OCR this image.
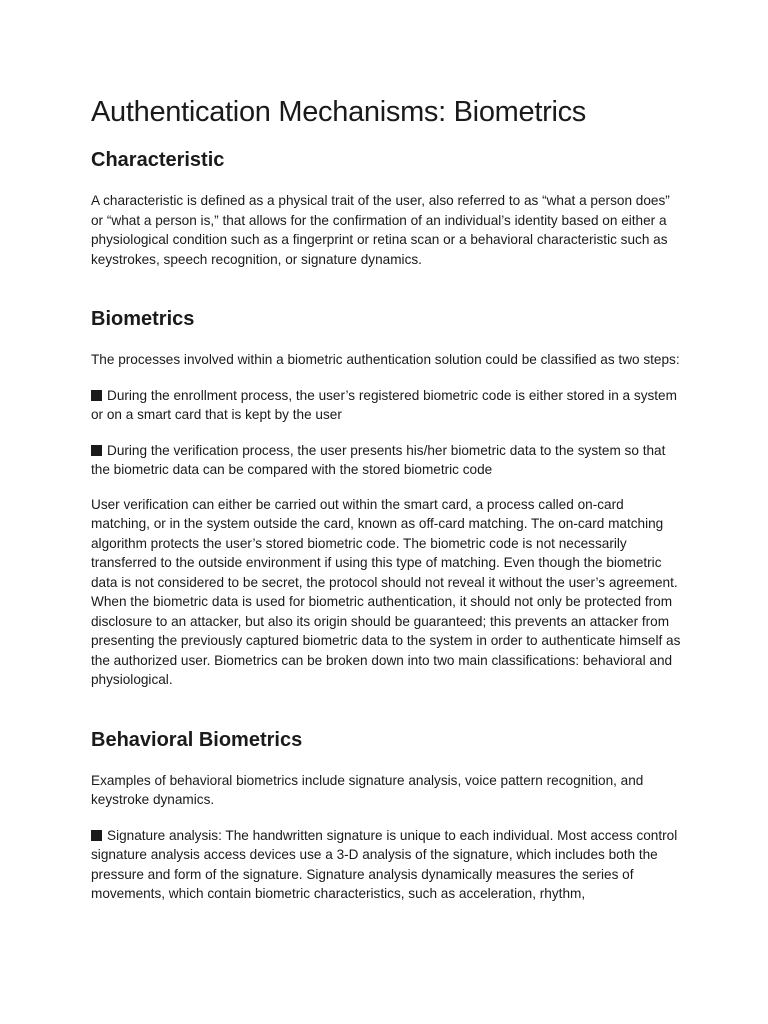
Authentication Mechanisms: Biometrics
Characteristic

A characteristic is defined as a physical trait of the user, also referred to as “what a person does” or “what a person is,” that allows for the confirmation of an individual’s identity based on either a physiological condition such as a fingerprint or retina scan or a behavioral characteristic such as keystrokes, speech recognition, or signature dynamics.

Biometrics

The processes involved within a biometric authentication solution could be classified as two steps:

During the enrollment process, the user’s registered biometric code is either stored in a system or on a smart card that is kept by the user

During the verification process, the user presents his/her biometric data to the system so that the biometric data can be compared with the stored biometric code

User verification can either be carried out within the smart card, a process called on-card matching, or in the system outside the card, known as off-card matching. The on-card matching algorithm protects the user’s stored biometric code. The biometric code is not necessarily transferred to the outside environment if using this type of matching. Even though the biometric data is not considered to be secret, the protocol should not reveal it without the user’s agreement. When the biometric data is used for biometric authentication, it should not only be protected from disclosure to an attacker, but also its origin should be guaranteed; this prevents an attacker from presenting the previously captured biometric data to the system in order to authenticate himself as the authorized user. Biometrics can be broken down into two main classifications: behavioral and physiological.

Behavioral Biometrics

Examples of behavioral biometrics include signature analysis, voice pattern recognition, and keystroke dynamics.

Signature analysis: The handwritten signature is unique to each individual. Most access control signature analysis access devices use a 3-D analysis of the signature, which includes both the pressure and form of the signature. Signature analysis dynamically measures the series of movements, which contain biometric characteristics, such as acceleration, rhythm,
